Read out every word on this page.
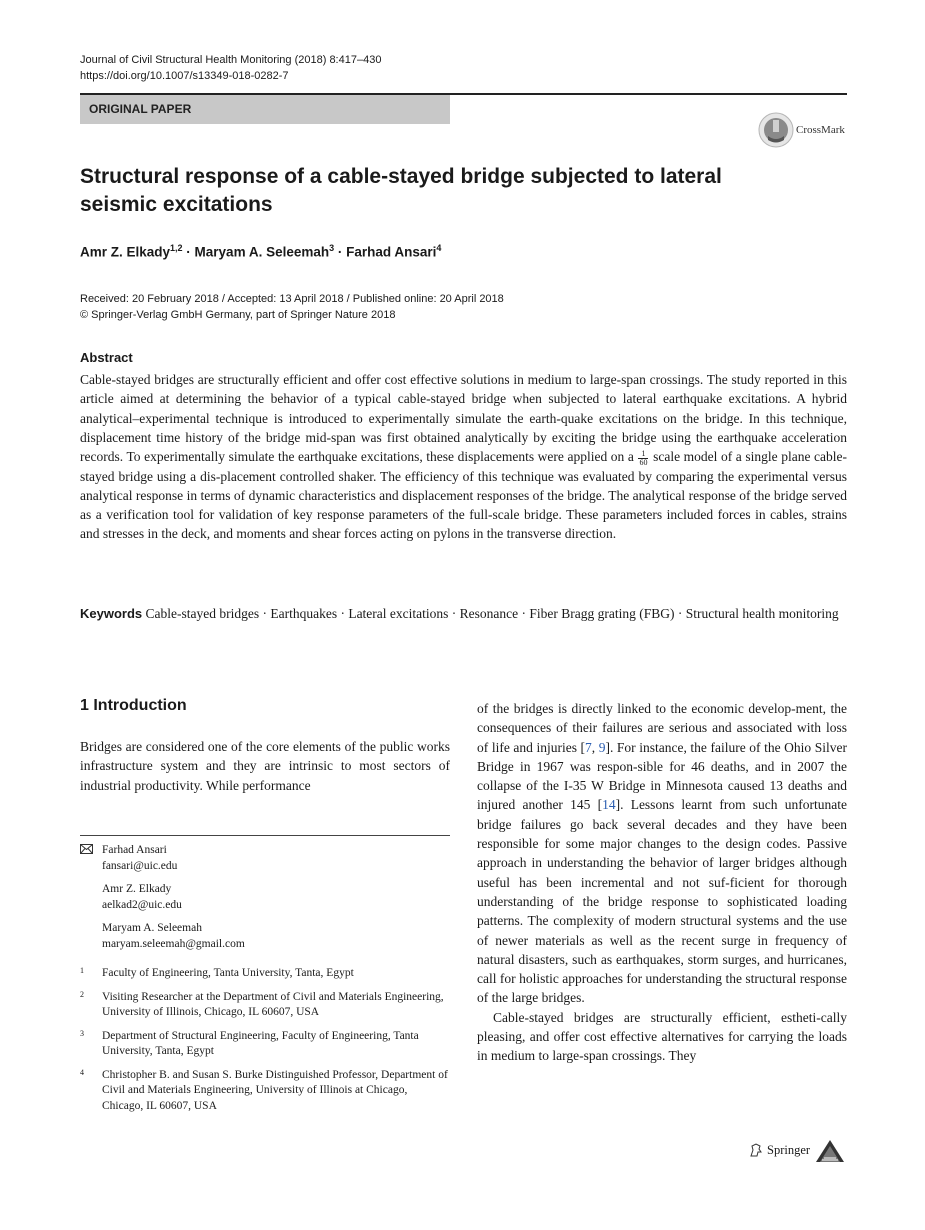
Journal of Civil Structural Health Monitoring (2018) 8:417–430
https://doi.org/10.1007/s13349-018-0282-7
ORIGINAL PAPER
CrossMark
Structural response of a cable-stayed bridge subjected to lateral seismic excitations
Amr Z. Elkady$^{1,2}$ · Maryam A. Seleemah$^3$ · Farhad Ansari$^4$
Received: 20 February 2018 / Accepted: 13 April 2018 / Published online: 20 April 2018
© Springer-Verlag GmbH Germany, part of Springer Nature 2018
Abstract
Cable-stayed bridges are structurally efficient and offer cost effective solutions in medium to large-span crossings. The study reported in this article aimed at determining the behavior of a typical cable-stayed bridge when subjected to lateral earthquake excitations. A hybrid analytical–experimental technique is introduced to experimentally simulate the earth-quake excitations on the bridge. In this technique, displacement time history of the bridge mid-span was first obtained analytically by exciting the bridge using the earthquake acceleration records. To experimentally simulate the earthquake excitations, these displacements were applied on a $\frac{1}{60}$ scale model of a single plane cable-stayed bridge using a dis-placement controlled shaker. The efficiency of this technique was evaluated by comparing the experimental versus analytical response in terms of dynamic characteristics and displacement responses of the bridge. The analytical response of the bridge served as a verification tool for validation of key response parameters of the full-scale bridge. These parameters included forces in cables, strains and stresses in the deck, and moments and shear forces acting on pylons in the transverse direction.
Keywords Cable-stayed bridges · Earthquakes · Lateral excitations · Resonance · Fiber Bragg grating (FBG) · Structural health monitoring
1 Introduction
Bridges are considered one of the core elements of the public works infrastructure system and they are intrinsic to most sectors of industrial productivity. While performance
Farhad Ansari
fansari@uic.edu
Amr Z. Elkady
aelkad2@uic.edu
Maryam A. Seleemah
maryam.seleemah@gmail.com
1 Faculty of Engineering, Tanta University, Tanta, Egypt
2 Visiting Researcher at the Department of Civil and Materials Engineering, University of Illinois, Chicago, IL 60607, USA
3 Department of Structural Engineering, Faculty of Engineering, Tanta University, Tanta, Egypt
4 Christopher B. and Susan S. Burke Distinguished Professor, Department of Civil and Materials Engineering, University of Illinois at Chicago, Chicago, IL 60607, USA

of the bridges is directly linked to the economic develop-ment, the consequences of their failures are serious and associated with loss of life and injuries [7, 9]. For instance, the failure of the Ohio Silver Bridge in 1967 was respon-sible for 46 deaths, and in 2007 the collapse of the I-35 W Bridge in Minnesota caused 13 deaths and injured another 145 [14]. Lessons learnt from such unfortunate bridge failures go back several decades and they have been responsible for some major changes to the design codes. Passive approach in understanding the behavior of larger bridges although useful has been incremental and not suf-ficient for thorough understanding of the bridge response to sophisticated loading patterns. The complexity of modern structural systems and the use of newer materials as well as the recent surge in frequency of natural disasters, such as earthquakes, storm surges, and hurricanes, call for holistic approaches for understanding the structural response of the large bridges.

Cable-stayed bridges are structurally efficient, estheti-cally pleasing, and offer cost effective alternatives for carrying the loads in medium to large-span crossings. They

Springer
